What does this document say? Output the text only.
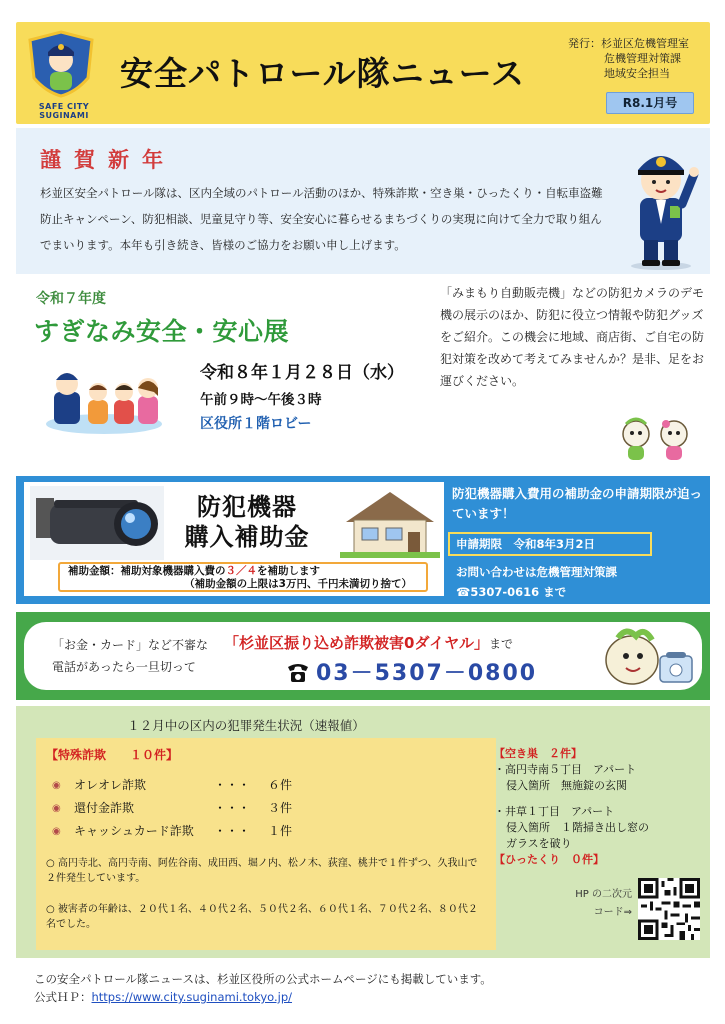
SAFE CITY SUGINAMI
安全パトロール隊ニュース
発行：杉並区危機管理室
危機管理対策課
地域安全担当
R8.1月号
謹賀新年
杉並区安全パトロール隊は、区内全域のパトロール活動のほか、特殊詐欺・空き巣・ひったくり・自転車盗難防止キャンペーン、防犯相談、児童見守り等、安全安心に暮らせるまちづくりの実現に向けて全力で取り組んでまいります。本年も引き続き、皆様のご協力をお願い申し上げます。
令和７年度
すぎなみ安全・安心展
令和８年１月２８日（水）
午前９時～午後３時
区役所１階ロビー
「みまもり自動販売機」などの防犯カメラのデモ機の展示のほか、防犯に役立つ情報や防犯グッズをご紹介。この機会に地域、商店街、ご自宅の防犯対策を改めて考えてみませんか？是非、足をお運びください。
防犯機器
購入補助金
補助金額：補助対象機器購入費の３／４を補助します
（補助金額の上限は3万円、千円未満切り捨て）
防犯機器購入費用の補助金の申請期限が迫っています！
申請期限　令和8年3月2日
お問い合わせは危機管理対策課
☎5307-0616 まで
「お金・カード」など不審な
電話があったら一旦切って
「杉並区振り込め詐欺被害0ダイヤル」まで
03－5307－0800
１２月中の区内の犯罪発生状況（速報値）
【特殊詐欺　　１０件】
◉	オレオレ詐欺	・・・	６件
◉	還付金詐欺	・・・	３件
◉	キャッシュカード詐欺	・・・	１件
○ 高円寺北、高円寺南、阿佐谷南、成田西、堀ノ内、松ノ木、荻窪、桃井で１件ずつ、久我山で２件発生しています。
○ 被害者の年齢は、２０代１名、４０代２名、５０代２名、６０代１名、７０代２名、８０代２名でした。
【空き巣　２件】
・高円寺南５丁目　アパート
侵入箇所　無施錠の玄関
・井草１丁目　アパート
侵入箇所　１階掃き出し窓の
ガラスを破り
【ひったくり　０件】
HP の二次元
コード⇒
この安全パトロール隊ニュースは、杉並区役所の公式ホームページにも掲載しています。
公式ＨＰ：https://www.city.suginami.tokyo.jp/
